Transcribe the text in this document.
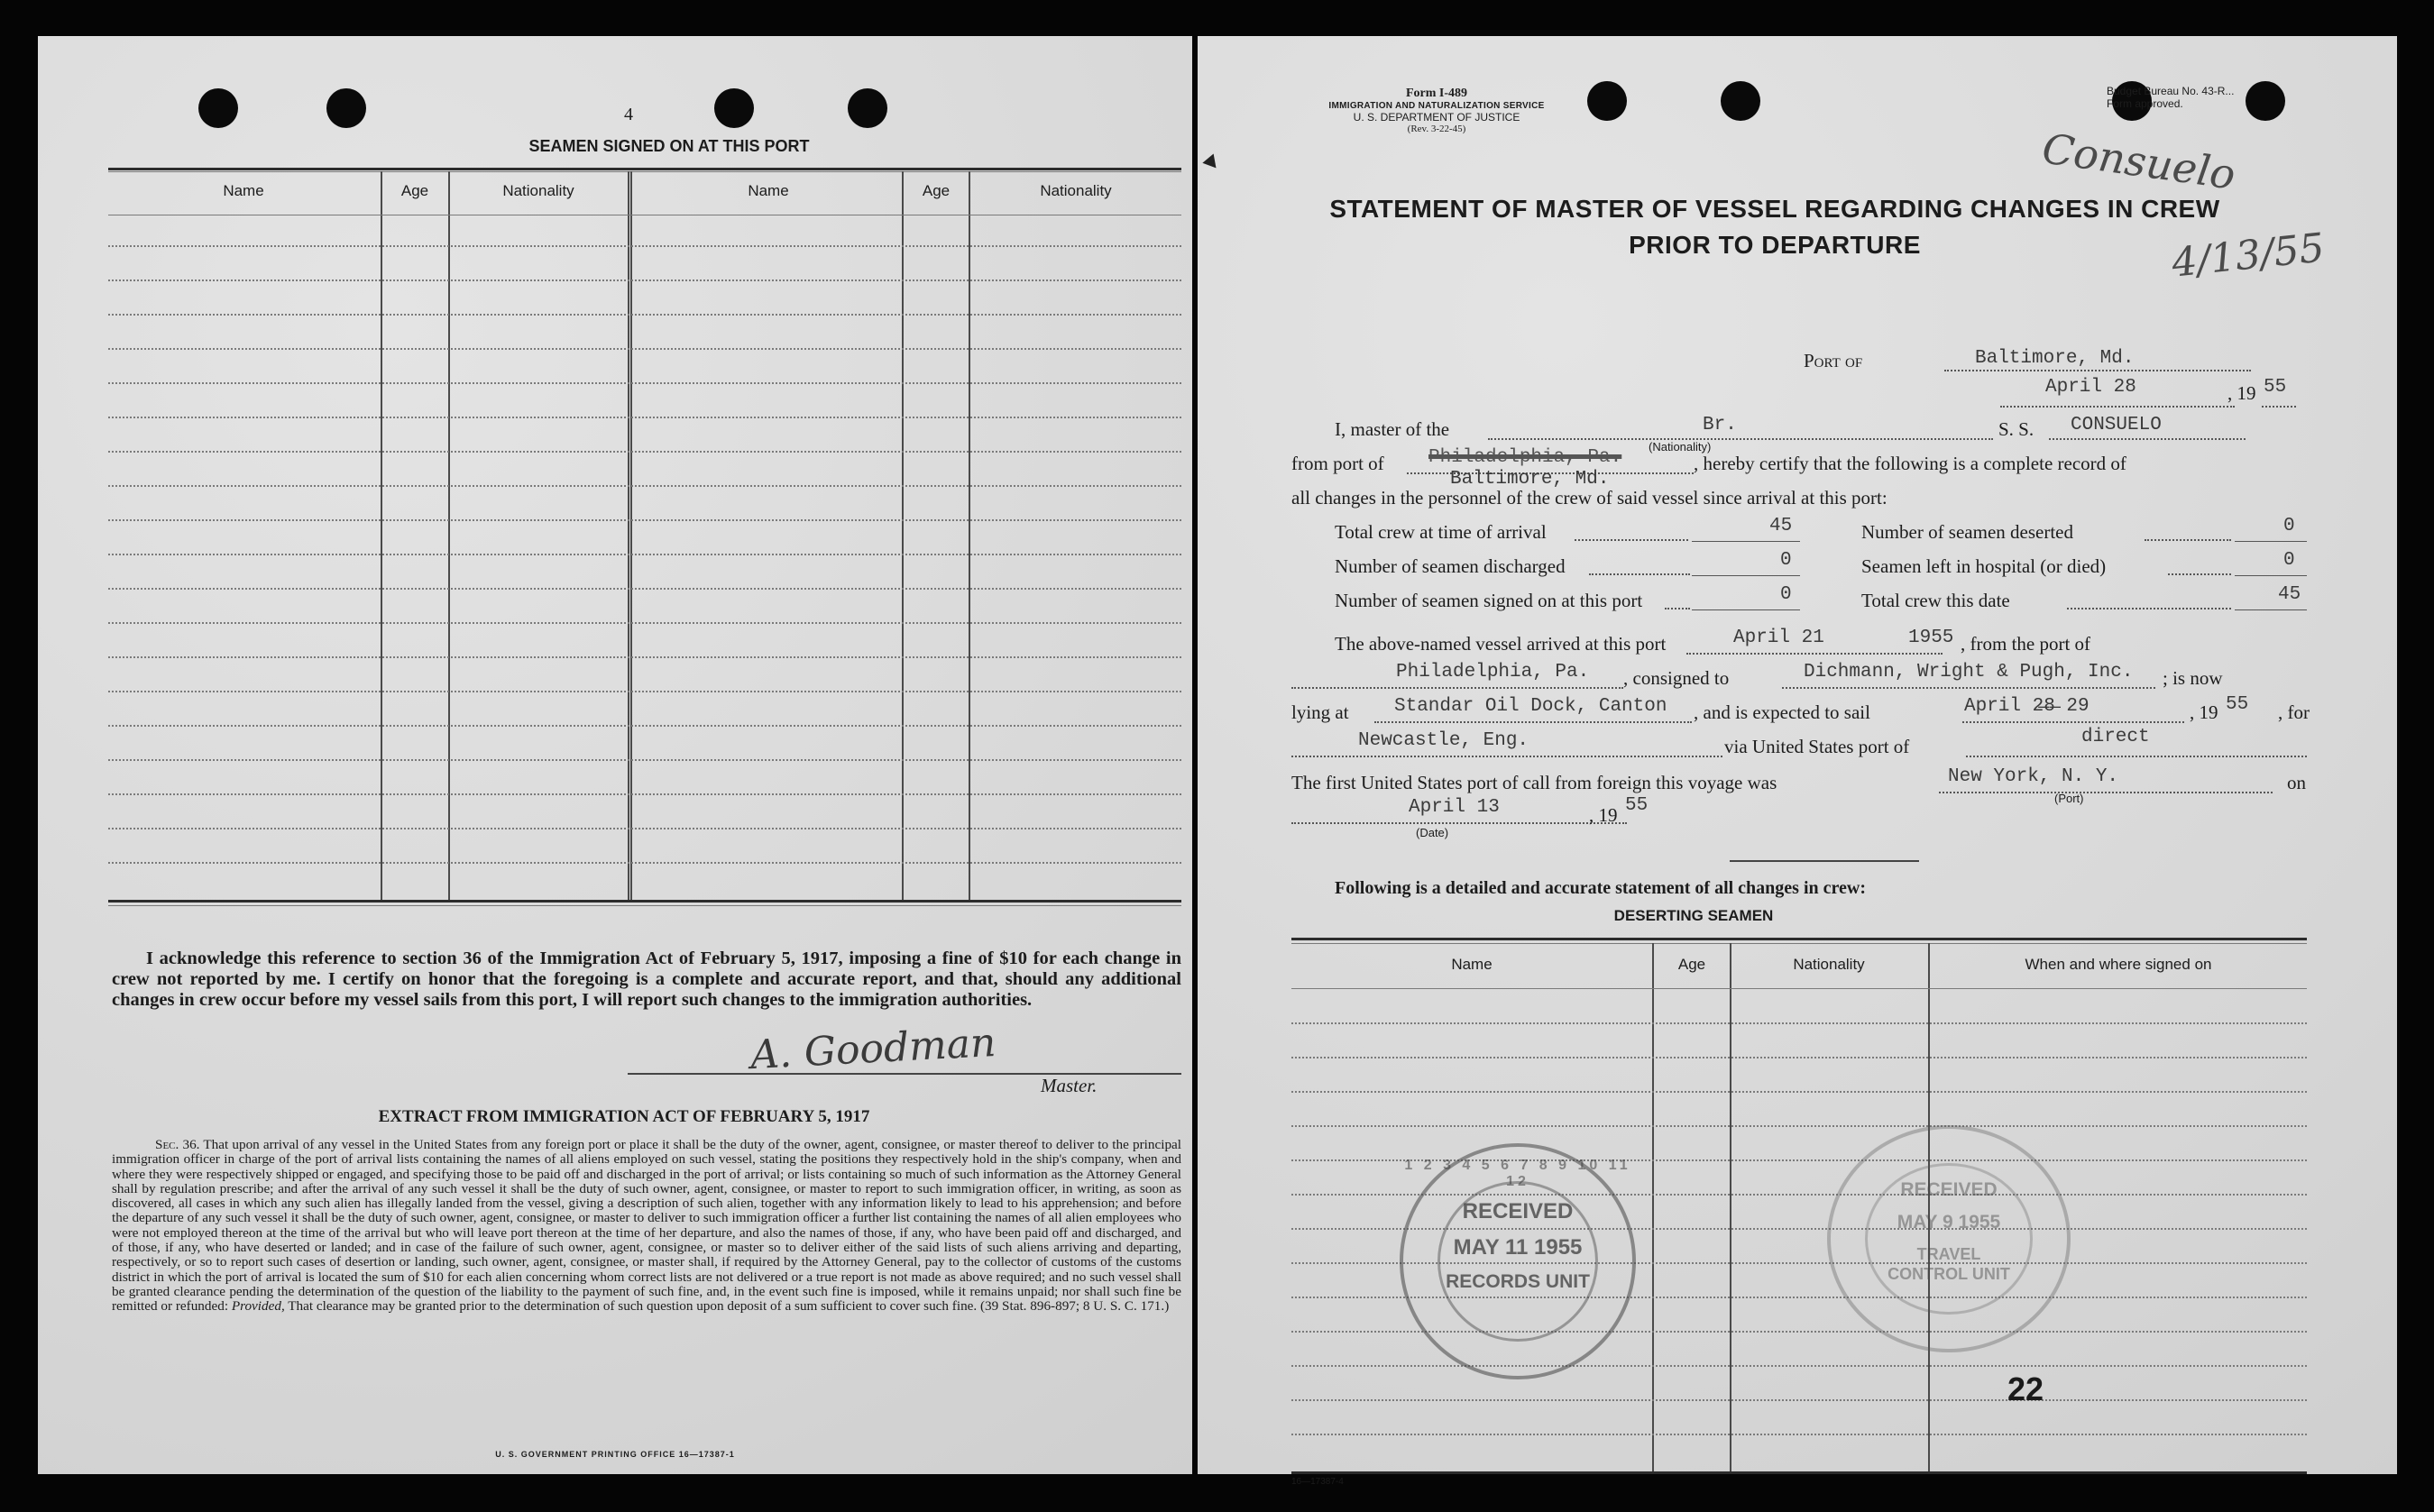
4
SEAMEN SIGNED ON AT THIS PORT
Name	Age	Nationality	Name	Age	Nationality
I acknowledge this reference to section 36 of the Immigration Act of February 5, 1917, imposing a fine of $10 for each change in crew not reported by me. I certify on honor that the foregoing is a complete and accurate report, and that, should any additional changes in crew occur before my vessel sails from this port, I will report such changes to the immigration authorities.
A. Goodman
Master.
EXTRACT FROM IMMIGRATION ACT OF FEBRUARY 5, 1917
Sec. 36. That upon arrival of any vessel in the United States from any foreign port or place it shall be the duty of the owner, agent, consignee, or master thereof to deliver to the principal immigration officer in charge of the port of arrival lists containing the names of all aliens employed on such vessel, stating the positions they respectively hold in the ship's company, when and where they were respectively shipped or engaged, and specifying those to be paid off and discharged in the port of arrival; or lists containing so much of such information as the Attorney General shall by regulation prescribe; and after the arrival of any such vessel it shall be the duty of such owner, agent, consignee, or master to report to such immigration officer, in writing, as soon as discovered, all cases in which any such alien has illegally landed from the vessel, giving a description of such alien, together with any information likely to lead to his apprehension; and before the departure of any such vessel it shall be the duty of such owner, agent, consignee, or master to deliver to such immigration officer a further list containing the names of all alien employees who were not employed thereon at the time of the arrival but who will leave port thereon at the time of her departure, and also the names of those, if any, who have been paid off and discharged, and of those, if any, who have deserted or landed; and in case of the failure of such owner, agent, consignee, or master so to deliver either of the said lists of such aliens arriving and departing, respectively, or so to report such cases of desertion or landing, such owner, agent, consignee, or master shall, if required by the Attorney General, pay to the collector of customs of the customs district in which the port of arrival is located the sum of $10 for each alien concerning whom correct lists are not delivered or a true report is not made as above required; and no such vessel shall be granted clearance pending the determination of the question of the liability to the payment of such fine, and, in the event such fine is imposed, while it remains unpaid; nor shall such fine be remitted or refunded: Provided, That clearance may be granted prior to the determination of such question upon deposit of a sum sufficient to cover such fine. (39 Stat. 896-897; 8 U. S. C. 171.)
U. S. GOVERNMENT PRINTING OFFICE 16—17387-1
Form I-489
IMMIGRATION AND NATURALIZATION SERVICE
U. S. DEPARTMENT OF JUSTICE
(Rev. 3-22-45)
Budget Bureau No. 43-R...
Form approved.
Consuelo
4/13/55
STATEMENT OF MASTER OF VESSEL REGARDING CHANGES IN CREW
PRIOR TO DEPARTURE
Port of	Baltimore, Md.
April 28	, 19 55
I, master of the	Br.
(Nationality)
S. S. CONSUELO
from port of Philadelphia, Pa.
Baltimore, Md.
, hereby certify that the following is a complete record of
all changes in the personnel of the crew of said vessel since arrival at this port:
Total crew at time of arrival	45	Number of seamen deserted	0
Number of seamen discharged	0	Seamen left in hospital (or died)	0
Number of seamen signed on at this port	0	Total crew this date	45
The above-named vessel arrived at this port	April 21	1955 , from the port of
Philadelphia, Pa. , consigned to	Dichmann, Wright & Pugh, Inc. ; is now
lying at Standar Oil Dock, Canton , and is expected to sail	April 2̶8̶ 29	, 19 55 , for
Newcastle, Eng.	via United States port of	direct
The first United States port of call from foreign this voyage was	New York, N. Y.
(Port)
on
April 13	, 19 55
(Date)
Following is a detailed and accurate statement of all changes in crew:
DESERTING SEAMEN
Name	Age	Nationality	When and where signed on
1 2 3 4 5 6 7 8 9 10 11 12
RECEIVED
MAY 11 1955
RECORDS UNIT
RECEIVED
MAY 9 1955
TRAVEL CONTROL UNIT
22
16—17387-4
